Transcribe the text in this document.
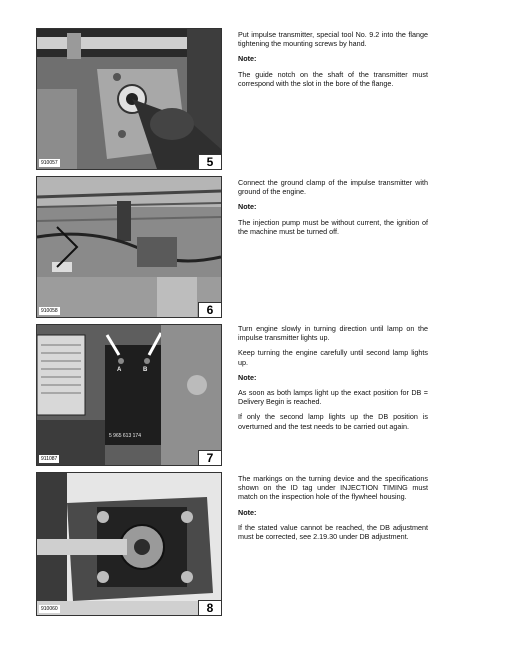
910057	5

Put impulse transmitter, special tool No. 9.2 into the flange tightening the mounting screws by hand.

Note:

The guide notch on the shaft of the transmitter must correspond with the slot in the bore of the flange.

910058	6

Connect the ground clamp of the impulse transmitter with ground of the engine.

Note:

The injection pump must be without current, the ignition of the machine must be turned off.

A	B
5 965 613 174
911087	7

Turn engine slowly in turning direction until lamp on the impulse transmitter lights up.

Keep turning the engine carefully until second lamp lights up.

Note:

As soon as both lamps light up the exact position for DB = Delivery Begin is reached.

If only the second lamp lights up the DB position is overturned and the test needs to be carried out again.

910060	8

The markings on the turning device and the specifications shown on the ID tag under INJECTION TIMING must match on the inspection hole of the flywheel housing.

Note:

If the stated value cannot be reached, the DB adjustment must be corrected, see 2.19.30 under DB adjustment.
